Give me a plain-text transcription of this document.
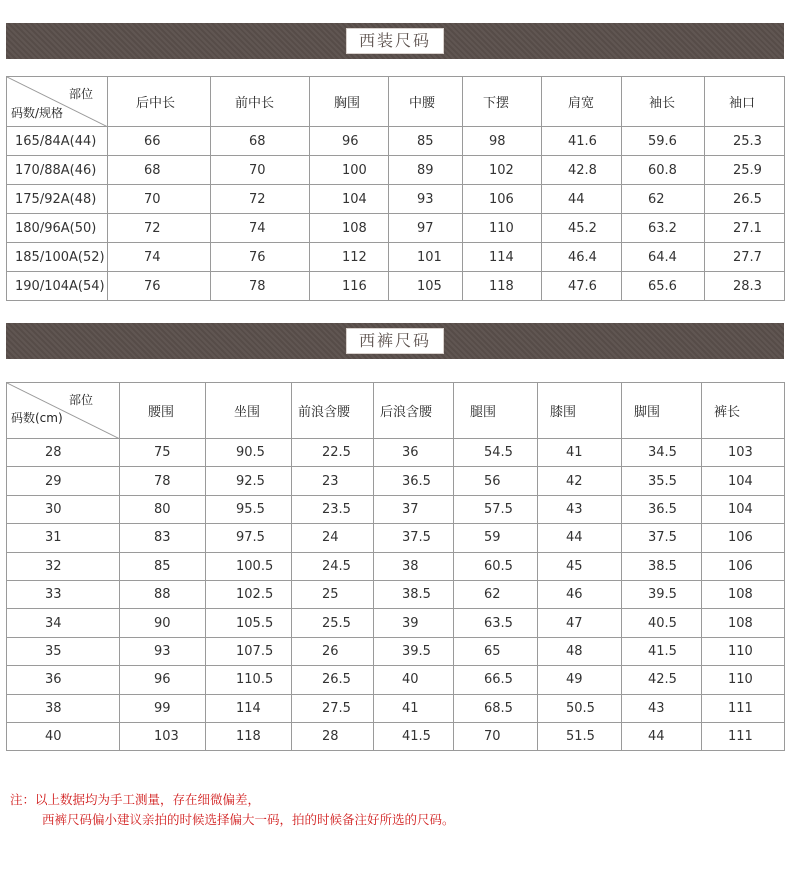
西装尺码
部位
码数/规格	后中长	前中长	胸围	中腰	下摆	肩宽	袖长	袖口
165/84A(44)	66	68	96	85	98	41.6	59.6	25.3
170/88A(46)	68	70	100	89	102	42.8	60.8	25.9
175/92A(48)	70	72	104	93	106	44	62	26.5
180/96A(50)	72	74	108	97	110	45.2	63.2	27.1
185/100A(52)	74	76	112	101	114	46.4	64.4	27.7
190/104A(54)	76	78	116	105	118	47.6	65.6	28.3
西裤尺码
部位
码数(cm)	腰围	坐围	前浪含腰	后浪含腰	腿围	膝围	脚围	裤长
28	75	90.5	22.5	36	54.5	41	34.5	103
29	78	92.5	23	36.5	56	42	35.5	104
30	80	95.5	23.5	37	57.5	43	36.5	104
31	83	97.5	24	37.5	59	44	37.5	106
32	85	100.5	24.5	38	60.5	45	38.5	106
33	88	102.5	25	38.5	62	46	39.5	108
34	90	105.5	25.5	39	63.5	47	40.5	108
35	93	107.5	26	39.5	65	48	41.5	110
36	96	110.5	26.5	40	66.5	49	42.5	110
38	99	114	27.5	41	68.5	50.5	43	111
40	103	118	28	41.5	70	51.5	44	111
注：以上数据均为手工测量，存在细微偏差，
西裤尺码偏小建议亲拍的时候选择偏大一码，拍的时候备注好所选的尺码。
